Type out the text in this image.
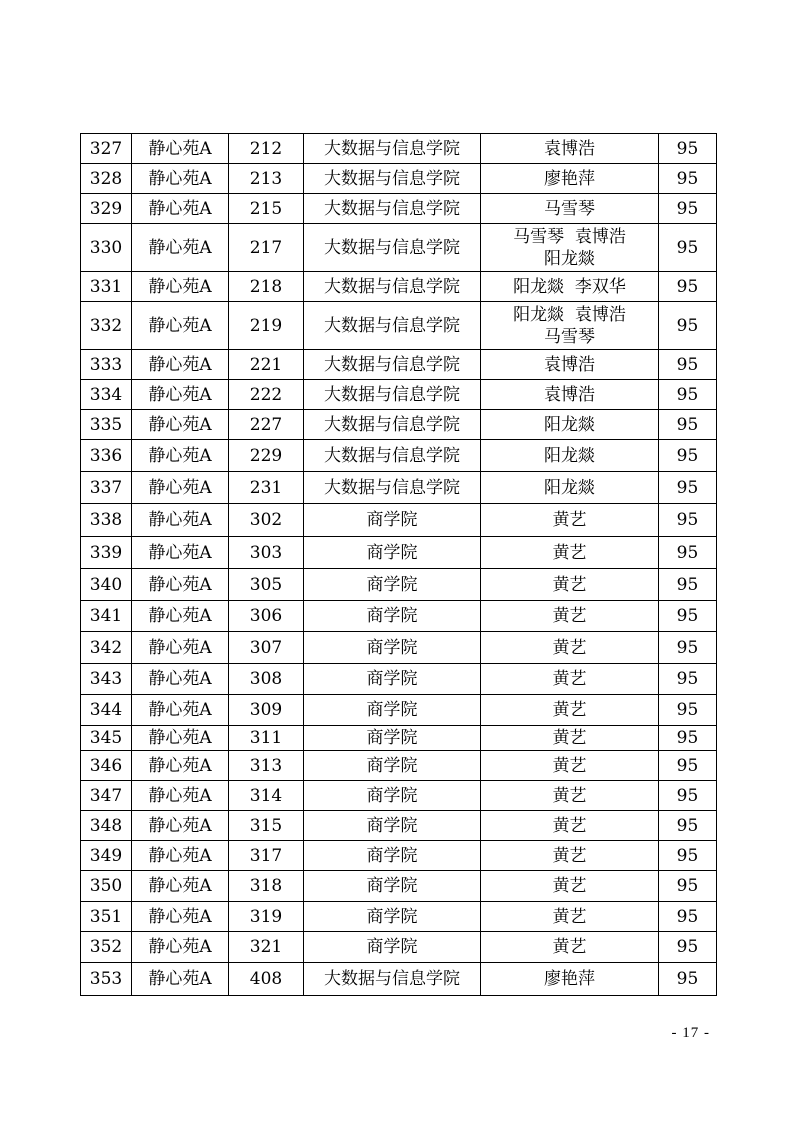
327	静心苑A	212	大数据与信息学院	袁博浩	95
328	静心苑A	213	大数据与信息学院	廖艳萍	95
329	静心苑A	215	大数据与信息学院	马雪琴	95
330	静心苑A	217	大数据与信息学院	马雪琴  袁博浩
阳龙燚	95
331	静心苑A	218	大数据与信息学院	阳龙燚  李双华	95
332	静心苑A	219	大数据与信息学院	阳龙燚  袁博浩
马雪琴	95
333	静心苑A	221	大数据与信息学院	袁博浩	95
334	静心苑A	222	大数据与信息学院	袁博浩	95
335	静心苑A	227	大数据与信息学院	阳龙燚	95
336	静心苑A	229	大数据与信息学院	阳龙燚	95
337	静心苑A	231	大数据与信息学院	阳龙燚	95
338	静心苑A	302	商学院	黄艺	95
339	静心苑A	303	商学院	黄艺	95
340	静心苑A	305	商学院	黄艺	95
341	静心苑A	306	商学院	黄艺	95
342	静心苑A	307	商学院	黄艺	95
343	静心苑A	308	商学院	黄艺	95
344	静心苑A	309	商学院	黄艺	95
345	静心苑A	311	商学院	黄艺	95
346	静心苑A	313	商学院	黄艺	95
347	静心苑A	314	商学院	黄艺	95
348	静心苑A	315	商学院	黄艺	95
349	静心苑A	317	商学院	黄艺	95
350	静心苑A	318	商学院	黄艺	95
351	静心苑A	319	商学院	黄艺	95
352	静心苑A	321	商学院	黄艺	95
353	静心苑A	408	大数据与信息学院	廖艳萍	95
- 17 -
